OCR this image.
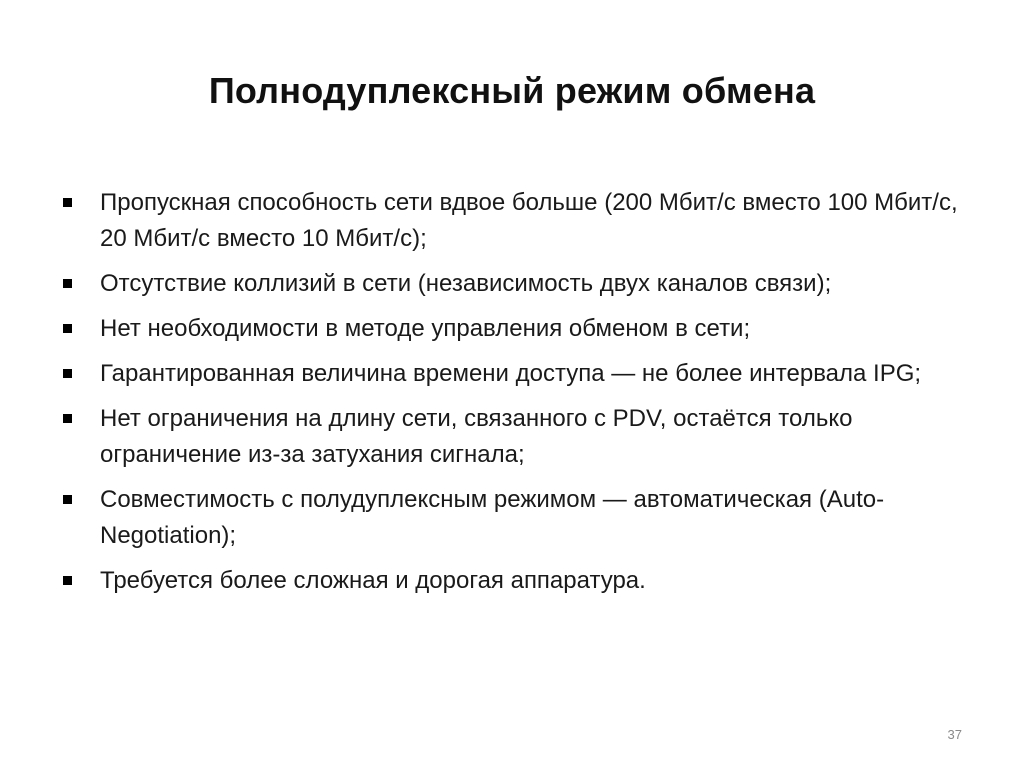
Полнодуплексный режим обмена
Пропускная способность сети вдвое больше (200 Мбит/с вместо 100 Мбит/с, 20 Мбит/с вместо 10 Мбит/с);
Отсутствие коллизий в сети (независимость двух каналов связи);
Нет необходимости в методе управления обменом в сети;
Гарантированная величина времени доступа — не более интервала IPG;
Нет ограничения на длину сети, связанного с PDV, остаётся только ограничение из-за затухания сигнала;
Совместимость с полудуплексным режимом — автоматическая (Auto-Negotiation);
Требуется более сложная и дорогая аппаратура.
37
